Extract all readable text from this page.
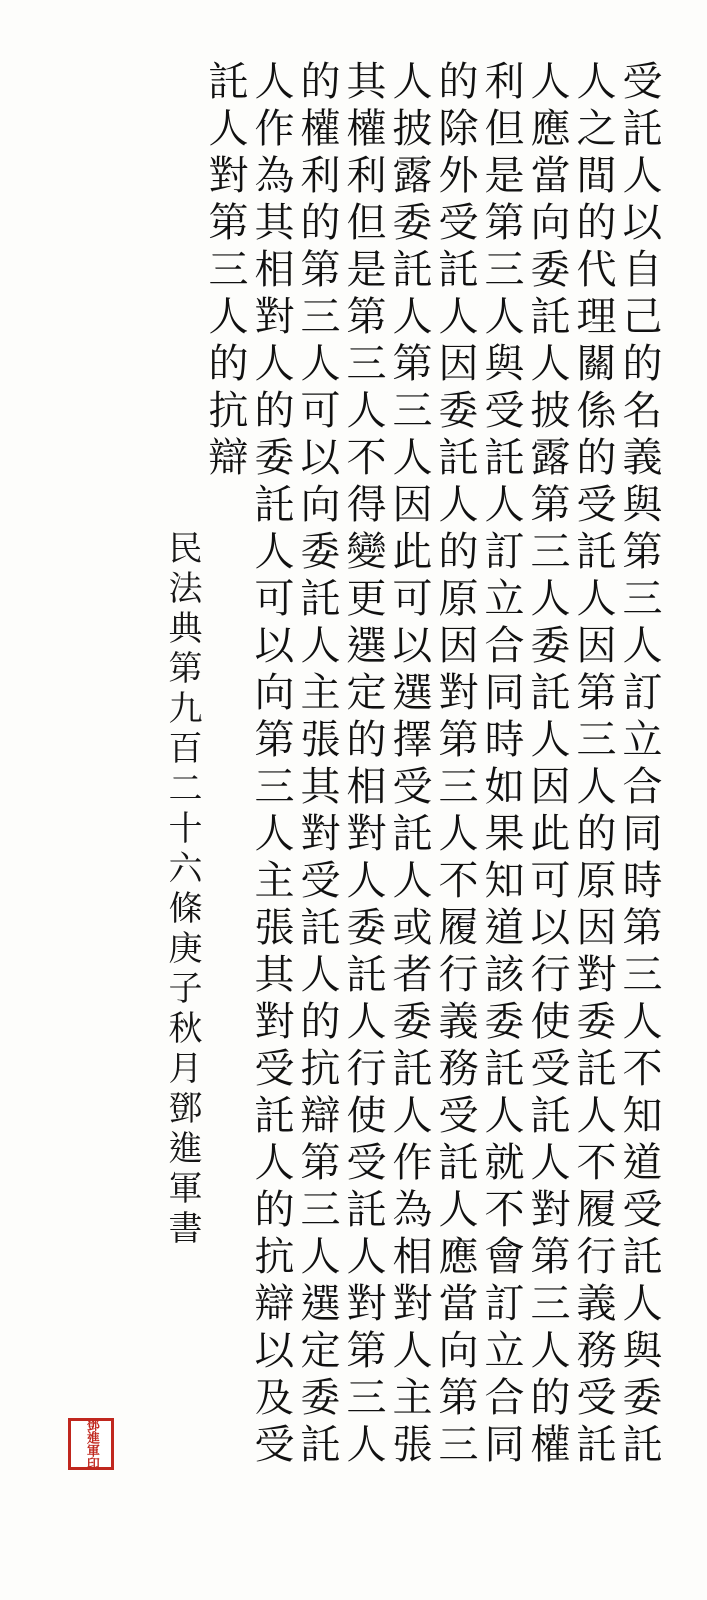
受託人以自己的名義與第三人訂立合同時第三人不知道受託人與委託
人之間的代理關係的受託人因第三人的原因對委託人不履行義務受託
人應當向委託人披露第三人委託人因此可以行使受託人對第三人的權
利但是第三人與受託人訂立合同時如果知道該委託人就不會訂立合同
的除外受託人因委託人的原因對第三人不履行義務受託人應當向第三
人披露委託人第三人因此可以選擇受託人或者委託人作為相對人主張
其權利但是第三人不得變更選定的相對人委託人行使受託人對第三人
的權利的第三人可以向委託人主張其對受託人的抗辯第三人選定委託
人作為其相對人的委託人可以向第三人主張其對受託人的抗辯以及受
託人對第三人的抗辯
民法典第九百二十六條庚子秋月鄧進軍書
鄧進軍印
